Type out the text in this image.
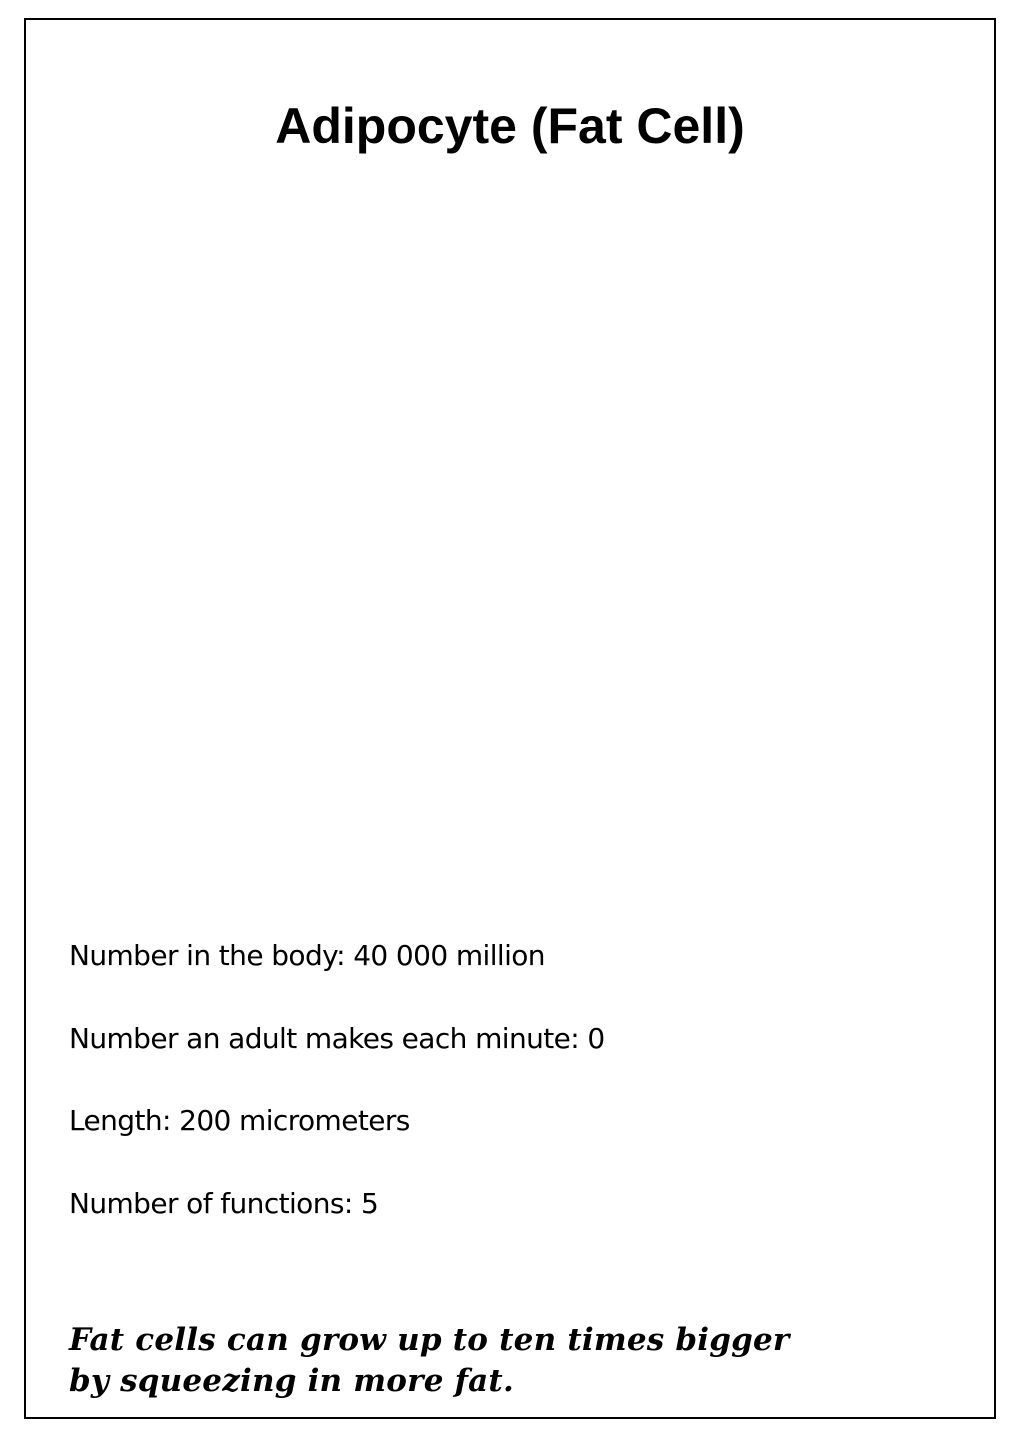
Adipocyte (Fat Cell)
Number in the body: 40 000 million
Number an adult makes each minute: 0
Length: 200 micrometers
Number of functions: 5

Fat cells can grow up to ten times bigger
by squeezing in more fat.
